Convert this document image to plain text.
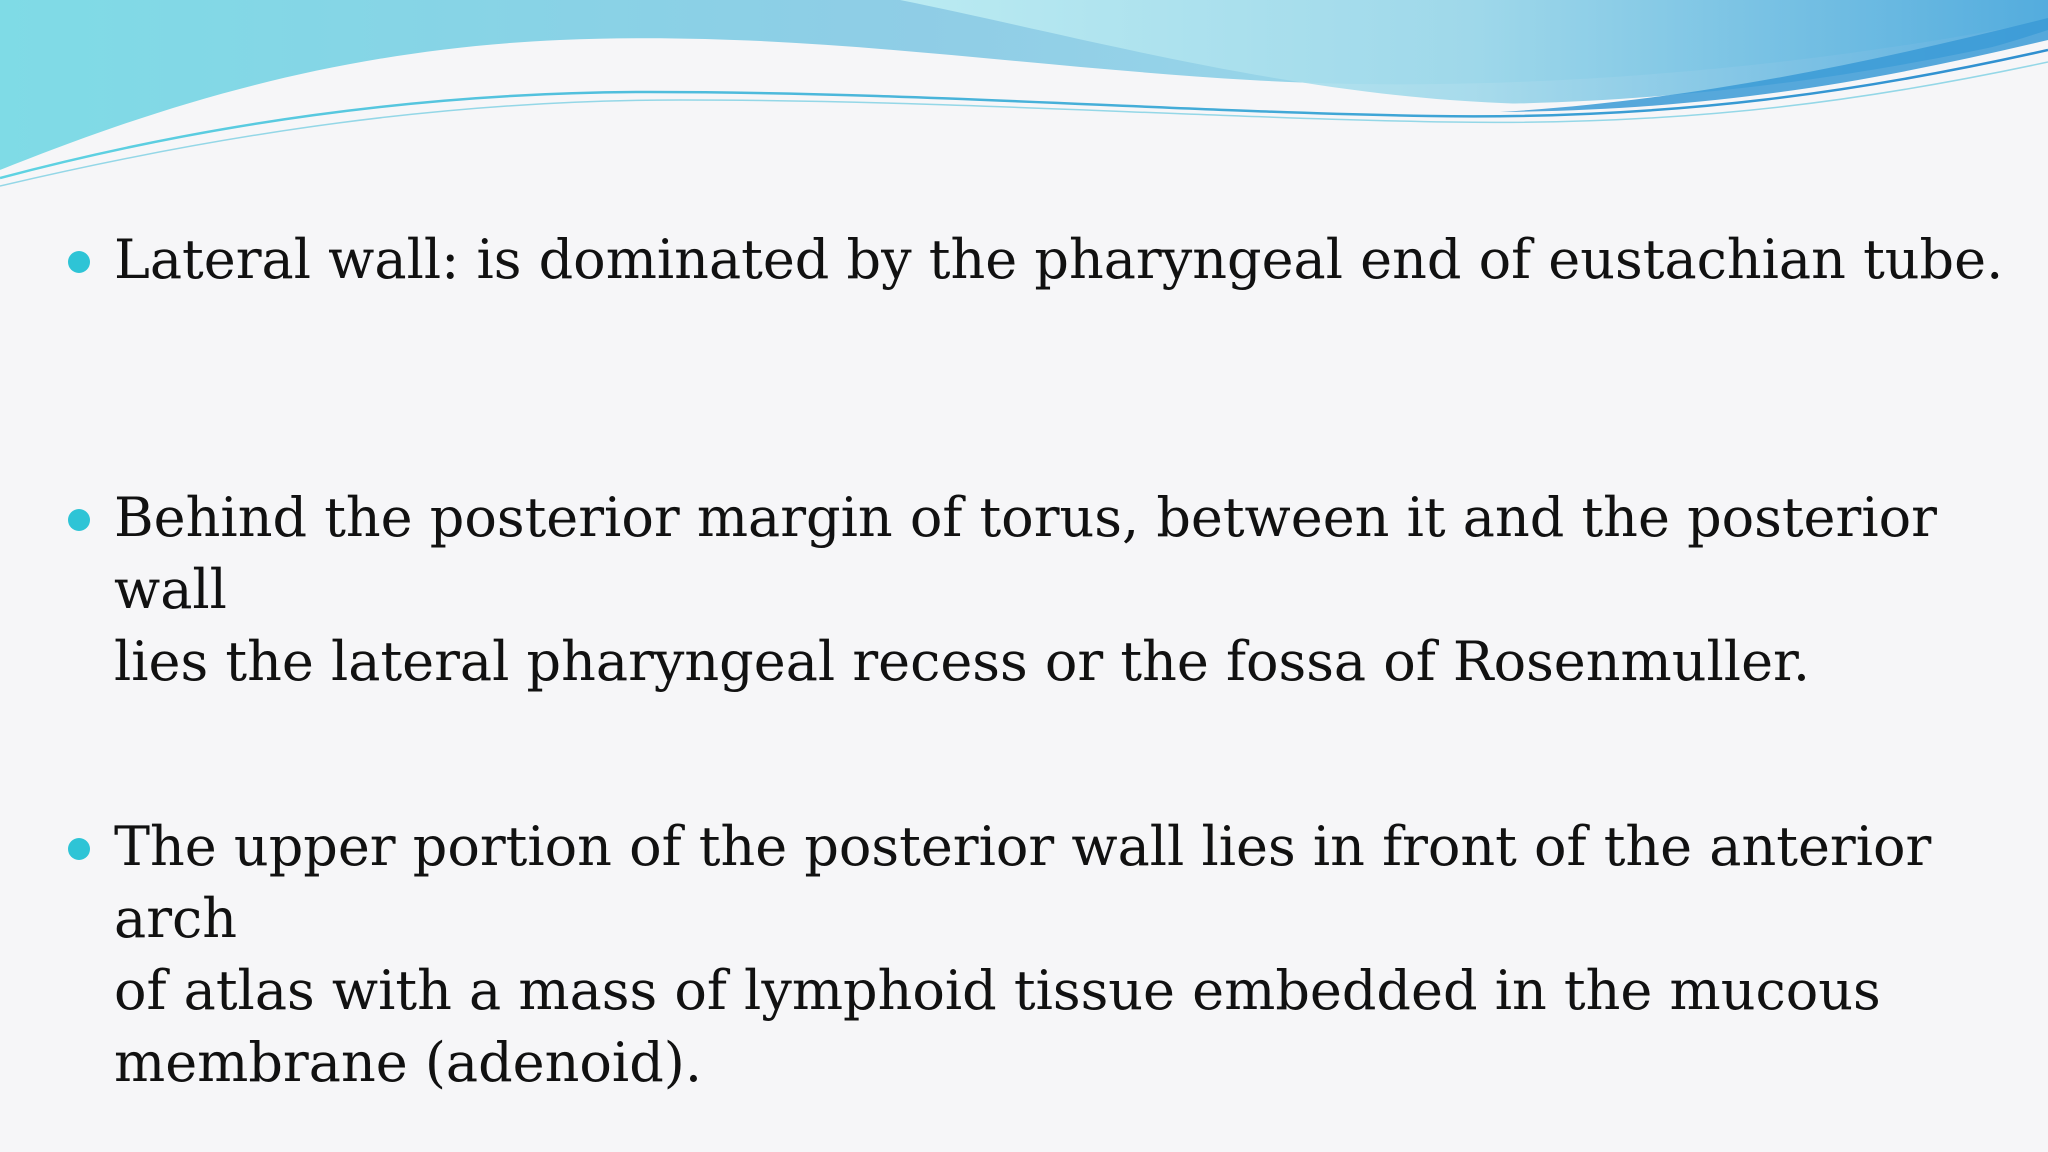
Lateral wall: is dominated by the pharyngeal end of eustachian tube.
Behind the posterior margin of torus, between it and the posterior wall
lies the lateral pharyngeal recess or the fossa of Rosenmuller.
The upper portion of the posterior wall lies in front of the anterior arch
of atlas with a mass of lymphoid tissue embedded in the mucous
membrane (adenoid).
